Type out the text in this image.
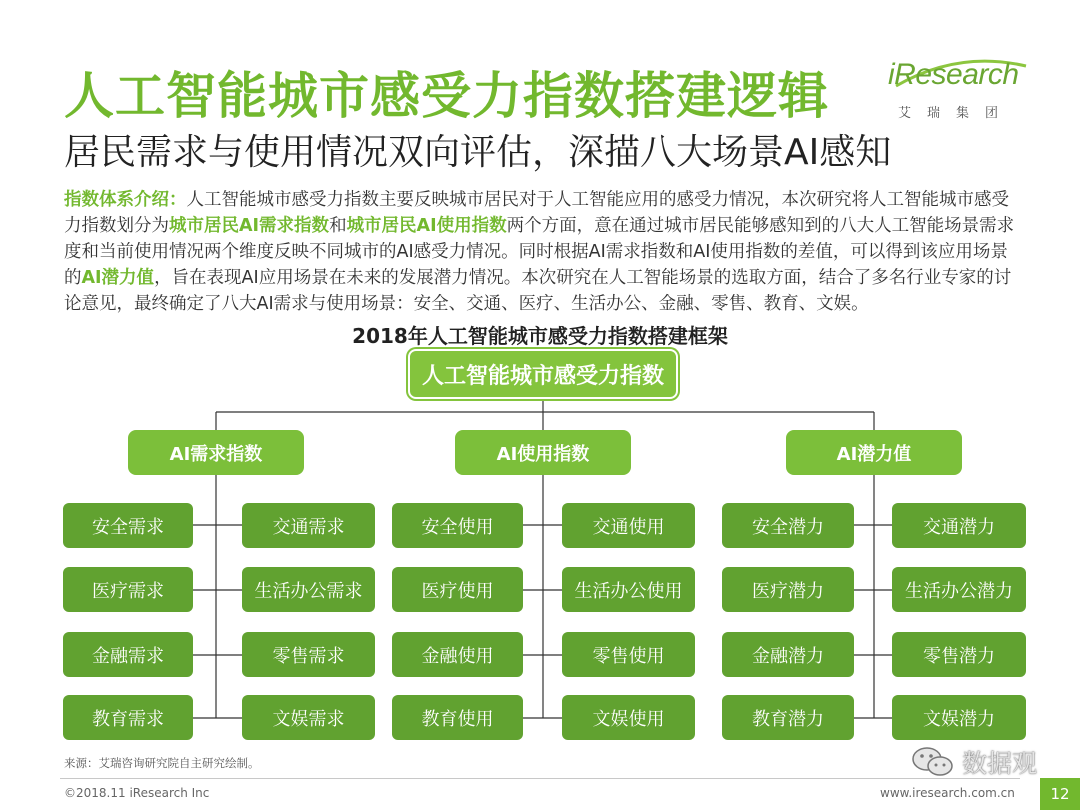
人工智能城市感受力指数搭建逻辑
居民需求与使用情况双向评估，深描八大场景AI感知
iResearch
艾瑞集团
指数体系介绍：人工智能城市感受力指数主要反映城市居民对于人工智能应用的感受力情况，本次研究将人工智能城市感受力指数划分为城市居民AI需求指数和城市居民AI使用指数两个方面，意在通过城市居民能够感知到的八大人工智能场景需求度和当前使用情况两个维度反映不同城市的AI感受力情况。同时根据AI需求指数和AI使用指数的差值，可以得到该应用场景的AI潜力值，旨在表现AI应用场景在未来的发展潜力情况。本次研究在人工智能场景的选取方面，结合了多名行业专家的讨论意见，最终确定了八大AI需求与使用场景：安全、交通、医疗、生活办公、金融、零售、教育、文娱。
2018年人工智能城市感受力指数搭建框架
人工智能城市感受力指数
AI需求指数	AI使用指数	AI潜力值
安全需求
医疗需求
金融需求
教育需求
交通需求
生活办公需求
零售需求
文娱需求
安全使用
医疗使用
金融使用
教育使用
交通使用
生活办公使用
零售使用
文娱使用
安全潜力
医疗潜力
金融潜力
教育潜力
交通潜力
生活办公潜力
零售潜力
文娱潜力
来源：艾瑞咨询研究院自主研究绘制。
©2018.11 iResearch Inc	www.iresearch.com.cn	12
数据观
